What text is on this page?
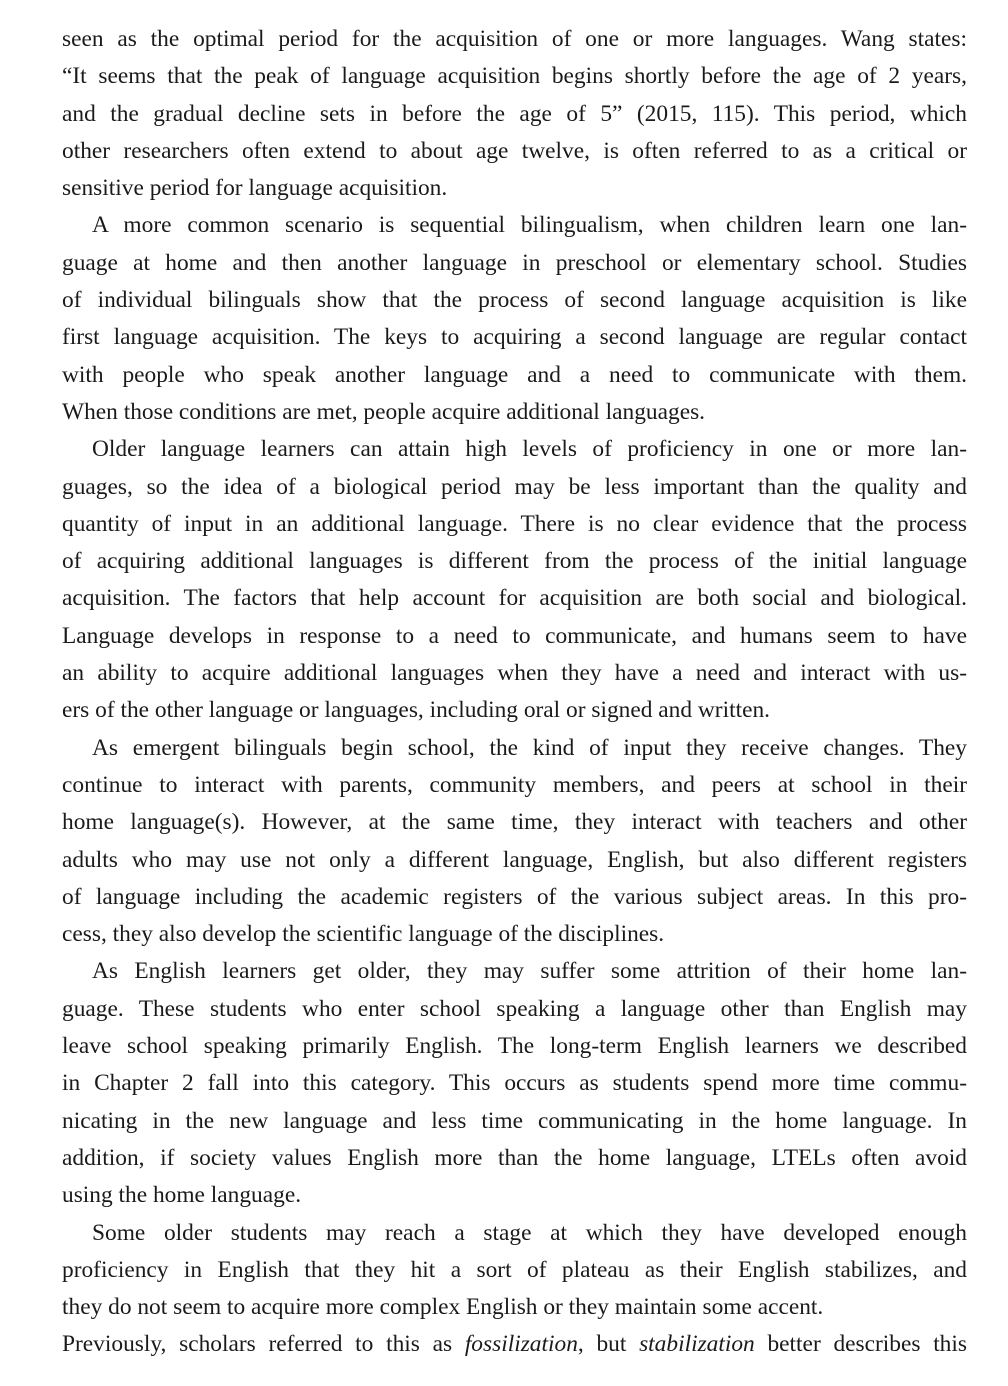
seen as the optimal period for the acquisition of one or more languages. Wang states:
“It seems that the peak of language acquisition begins shortly before the age of 2 years,
and the gradual decline sets in before the age of 5” (2015, 115). This period, which
other researchers often extend to about age twelve, is often referred to as a critical or
sensitive period for language acquisition.
A more common scenario is sequential bilingualism, when children learn one lan-
guage at home and then another language in preschool or elementary school. Studies
of individual bilinguals show that the process of second language acquisition is like
first language acquisition. The keys to acquiring a second language are regular contact
with people who speak another language and a need to communicate with them.
When those conditions are met, people acquire additional languages.
Older language learners can attain high levels of proficiency in one or more lan-
guages, so the idea of a biological period may be less important than the quality and
quantity of input in an additional language. There is no clear evidence that the process
of acquiring additional languages is different from the process of the initial language
acquisition. The factors that help account for acquisition are both social and biological.
Language develops in response to a need to communicate, and humans seem to have
an ability to acquire additional languages when they have a need and interact with us-
ers of the other language or languages, including oral or signed and written.
As emergent bilinguals begin school, the kind of input they receive changes. They
continue to interact with parents, community members, and peers at school in their
home language(s). However, at the same time, they interact with teachers and other
adults who may use not only a different language, English, but also different registers
of language including the academic registers of the various subject areas. In this pro-
cess, they also develop the scientific language of the disciplines.
As English learners get older, they may suffer some attrition of their home lan-
guage. These students who enter school speaking a language other than English may
leave school speaking primarily English. The long-term English learners we described
in Chapter 2 fall into this category. This occurs as students spend more time commu-
nicating in the new language and less time communicating in the home language. In
addition, if society values English more than the home language, LTELs often avoid
using the home language.
Some older students may reach a stage at which they have developed enough
proficiency in English that they hit a sort of plateau as their English stabilizes, and
they do not seem to acquire more complex English or they maintain some accent.
Previously, scholars referred to this as fossilization, but stabilization better describes this
